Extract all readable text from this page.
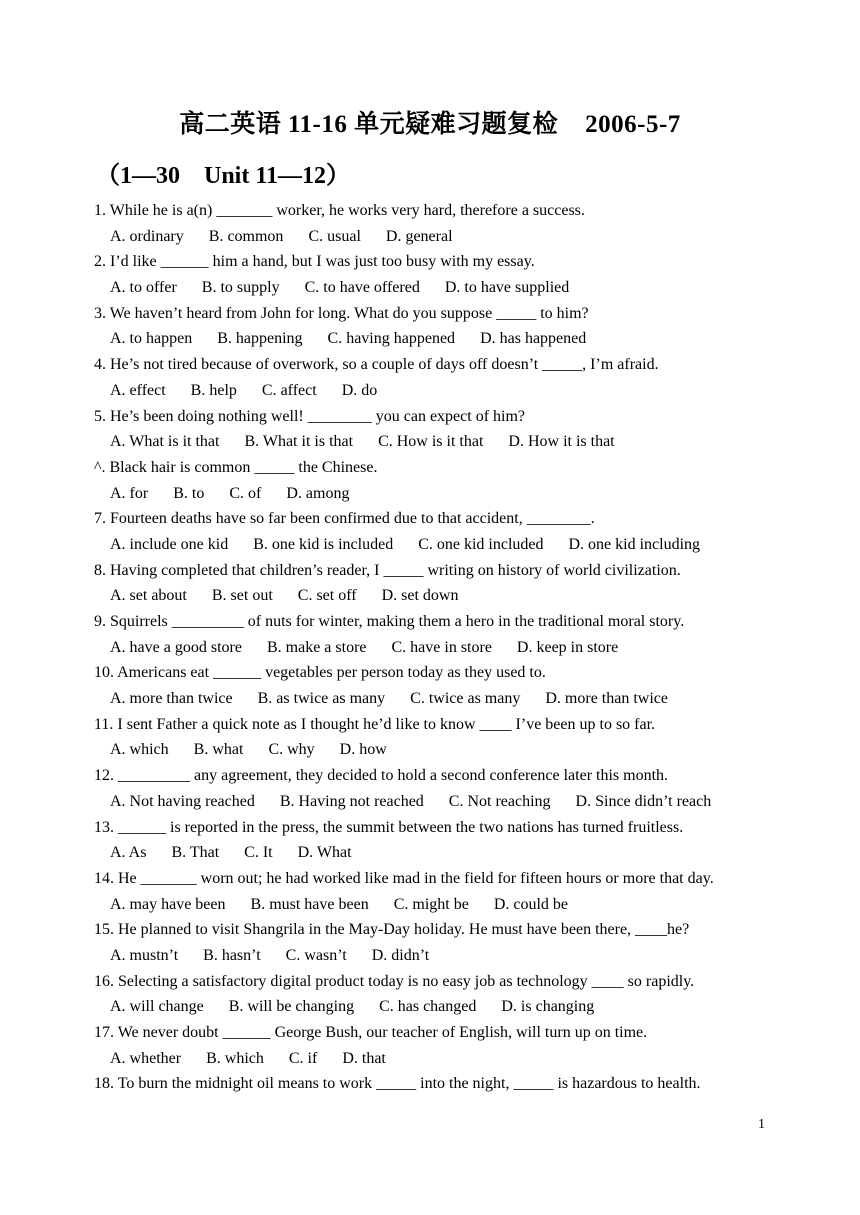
高二英语 11-16 单元疑难习题复检    2006-5-7
（1—30    Unit 11—12）
1. While he is a(n) _______ worker, he works very hard, therefore a success.
A. ordinary B. common C. usual D. general
2. I’d like ______ him a hand, but I was just too busy with my essay.
A. to offer B. to supply C. to have offered D. to have supplied
3. We haven’t heard from John for long. What do you suppose _____ to him?
A. to happen B. happening C. having happened D. has happened
4. He’s not tired because of overwork, so a couple of days off doesn’t _____, I’m afraid.
A. effect B. help C. affect D. do
5. He’s been doing nothing well! ________ you can expect of him?
A. What is it that B. What it is that C. How is it that D. How it is that
^. Black hair is common _____ the Chinese.
A. for B. to C. of D. among
7. Fourteen deaths have so far been confirmed due to that accident, ________.
A. include one kid B. one kid is included C. one kid included D. one kid including
8. Having completed that children’s reader, I _____ writing on history of world civilization.
A. set about B. set out C. set off D. set down
9. Squirrels _________ of nuts for winter, making them a hero in the traditional moral story.
A. have a good store B. make a store C. have in store D. keep in store
10. Americans eat ______ vegetables per person today as they used to.
A. more than twice B. as twice as many C. twice as many D. more than twice
11. I sent Father a quick note as I thought he’d like to know ____ I’ve been up to so far.
A. which B. what C. why D. how
12. _________ any agreement, they decided to hold a second conference later this month.
A. Not having reached B. Having not reached C. Not reaching D. Since didn’t reach
13. ______ is reported in the press, the summit between the two nations has turned fruitless.
A. As B. That C. It D. What
14. He _______ worn out; he had worked like mad in the field for fifteen hours or more that day.
A. may have been B. must have been C. might be D. could be
15. He planned to visit Shangrila in the May-Day holiday. He must have been there, ____he?
A. mustn’t B. hasn’t C. wasn’t D. didn’t
16. Selecting a satisfactory digital product today is no easy job as technology ____ so rapidly.
A. will change B. will be changing C. has changed D. is changing
17. We never doubt ______ George Bush, our teacher of English, will turn up on time.
A. whether B. which C. if D. that
18. To burn the midnight oil means to work _____ into the night, _____ is hazardous to health.
1
